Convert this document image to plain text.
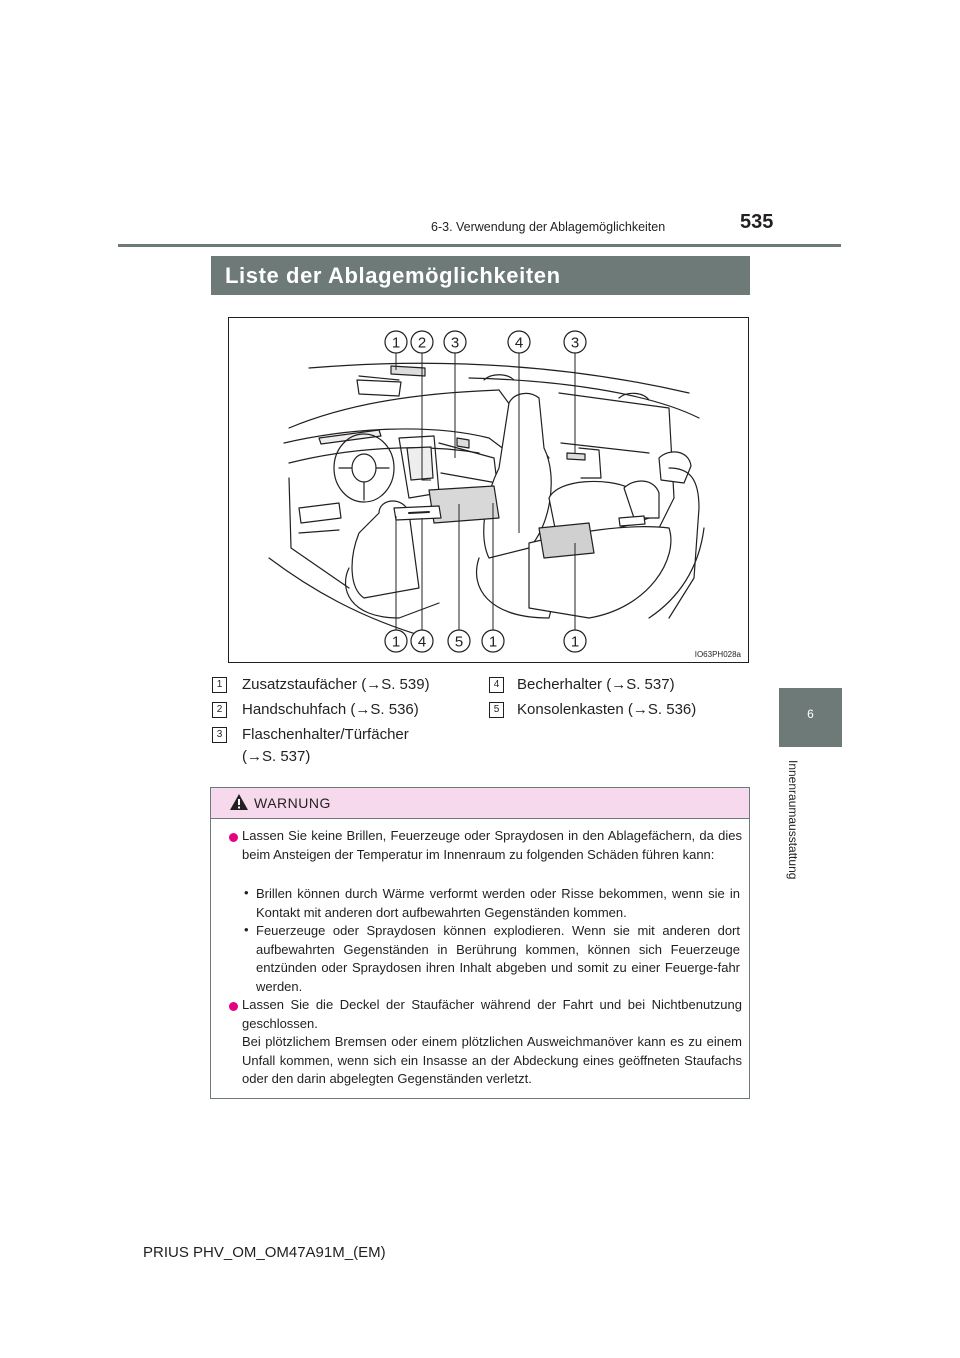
6-3. Verwendung der Ablagemöglichkeiten	535
6
Innenraumausstattung
Liste der Ablagemöglichkeiten
1 2 3	4	3
1 4 5 1	1
IO63PH028a
1	Zusatzstaufächer (→S. 539)
2	Handschuhfach (→S. 536)
3	Flaschenhalter/Türfächer
(→S. 537)
4	Becherhalter (→S. 537)
5	Konsolenkasten (→S. 536)
WARNUNG
Lassen Sie keine Brillen, Feuerzeuge oder Spraydosen in den Ablagefächern, da dies beim Ansteigen der Temperatur im Innenraum zu folgenden Schäden führen kann:
• Brillen können durch Wärme verformt werden oder Risse bekommen, wenn sie in Kontakt mit anderen dort aufbewahrten Gegenständen kommen.
• Feuerzeuge oder Spraydosen können explodieren. Wenn sie mit anderen dort aufbewahrten Gegenständen in Berührung kommen, können sich Feuerzeuge entzünden oder Spraydosen ihren Inhalt abgeben und somit zu einer Feuerge-fahr werden.
Lassen Sie die Deckel der Staufächer während der Fahrt und bei Nichtbenutzung geschlossen.
Bei plötzlichem Bremsen oder einem plötzlichen Ausweichmanöver kann es zu einem Unfall kommen, wenn sich ein Insasse an der Abdeckung eines geöffneten Staufachs oder den darin abgelegten Gegenständen verletzt.
PRIUS PHV_OM_OM47A91M_(EM)
